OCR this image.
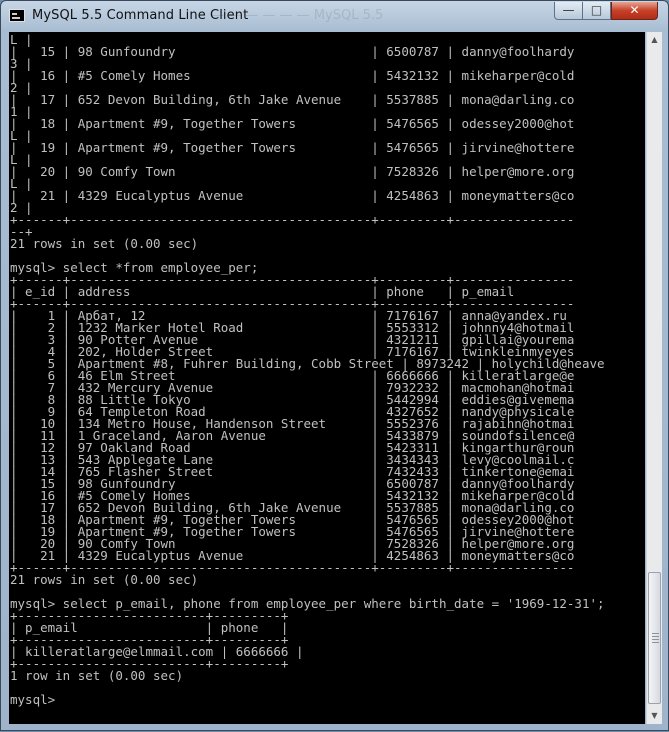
MySQL 5.5 Command Line Client
— — — — — — MySQL 5.5	—	□	✕
L |
|   15 | 98 Gunfoundry                          | 6500787 | danny@foolhardy
3 |
|   16 | #5 Comely Homes                        | 5432132 | mikeharper@cold
2 |
|   17 | 652 Devon Building, 6th Jake Avenue    | 5537885 | mona@darling.co
1 |
|   18 | Apartment #9, Together Towers          | 5476565 | odessey2000@hot
L |
|   19 | Apartment #9, Together Towers          | 5476565 | jirvine@hottere
L |
|   20 | 90 Comfy Town                          | 7528326 | helper@more.org
L |
|   21 | 4329 Eucalyptus Avenue                 | 4254863 | moneymatters@co
2 |
+------+----------------------------------------+---------+----------------
--+
21 rows in set (0.00 sec)
mysql> select *from employee_per;
+------+----------------------------------------+---------+----------------
| e_id | address                                | phone   | p_email
+------+----------------------------------------+---------+----------------
|    1 | Арбат, 12                              | 7176167 | anna@yandex.ru
|    2 | 1232 Marker Hotel Road                 | 5553312 | johnny4@hotmail
|    3 | 90 Potter Avenue                       | 4321211 | gpillai@yourema
|    4 | 202, Holder Street                     | 7176167 | twinkleinmyeyes
|    5 | Apartment #8, Fuhrer Building, Cobb Street | 8973242 | holychild@heave
|    6 | 46 Elm Street                          | 6666666 | killeratlarge@e
|    7 | 432 Mercury Avenue                     | 7932232 | macmohan@hotmai
|    8 | 88 Little Tokyo                        | 5442994 | eddies@givemema
|    9 | 64 Templeton Road                      | 4327652 | nandy@physicale
|   10 | 134 Metro House, Handenson Street      | 5552376 | rajabihn@hotmai
|   11 | 1 Graceland, Aaron Avenue              | 5433879 | soundofsilence@
|   12 | 97 Oakland Road                        | 5423311 | kingarthur@roun
|   13 | 543 Applegate Lane                     | 3434343 | levy@coolmail.c
|   14 | 765 Flasher Street                     | 7432433 | tinkertone@emai
|   15 | 98 Gunfoundry                          | 6500787 | danny@foolhardy
|   16 | #5 Comely Homes                        | 5432132 | mikeharper@cold
|   17 | 652 Devon Building, 6th Jake Avenue    | 5537885 | mona@darling.co
|   18 | Apartment #9, Together Towers          | 5476565 | odessey2000@hot
|   19 | Apartment #9, Together Towers          | 5476565 | jirvine@hottere
|   20 | 90 Comfy Town                          | 7528326 | helper@more.org
|   21 | 4329 Eucalyptus Avenue                 | 4254863 | moneymatters@co
+------+----------------------------------------+---------+----------------
21 rows in set (0.00 sec)
mysql> select p_email, phone from employee_per where birth_date = '1969-12-31';
+-------------------------+---------+
| p_email                 | phone   |
+-------------------------+---------+
| killeratlarge@elmmail.com | 6666666 |
+-------------------------+---------+
1 row in set (0.00 sec)
mysql>
▲
▼
